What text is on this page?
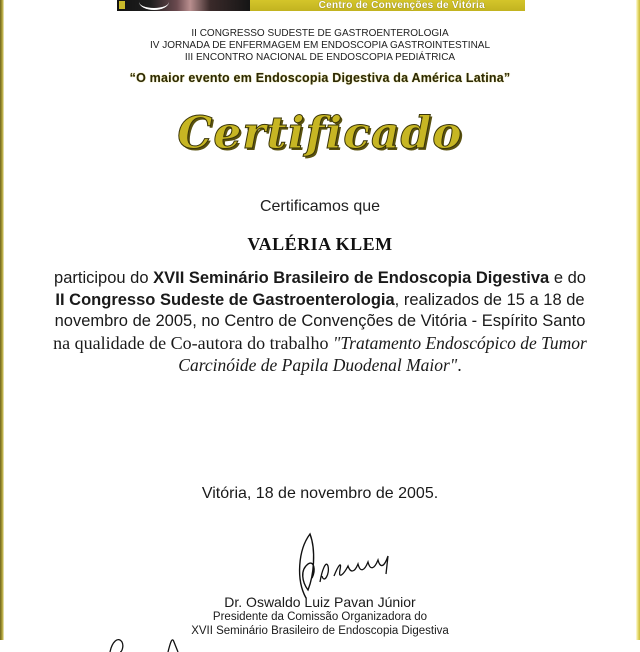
Centro de Convenções de Vitória
II CONGRESSO SUDESTE DE GASTROENTEROLOGIA
IV JORNADA DE ENFERMAGEM EM ENDOSCOPIA GASTROINTESTINAL
III ENCONTRO NACIONAL DE ENDOSCOPIA PEDIÁTRICA
“O maior evento em Endoscopia Digestiva da América Latina”
Certificado
Certificamos que
VALÉRIA KLEM
participou do XVII Seminário Brasileiro de Endoscopia Digestiva e do
II Congresso Sudeste de Gastroenterologia, realizados de 15 a 18 de
novembro de 2005, no Centro de Convenções de Vitória - Espírito Santo
na qualidade de Co-autora do trabalho "Tratamento Endoscópico de Tumor
Carcinóide de Papila Duodenal Maior".
Vitória, 18 de novembro de 2005.
Dr. Oswaldo Luiz Pavan Júnior
Presidente da Comissão Organizadora do
XVII Seminário Brasileiro de Endoscopia Digestiva
